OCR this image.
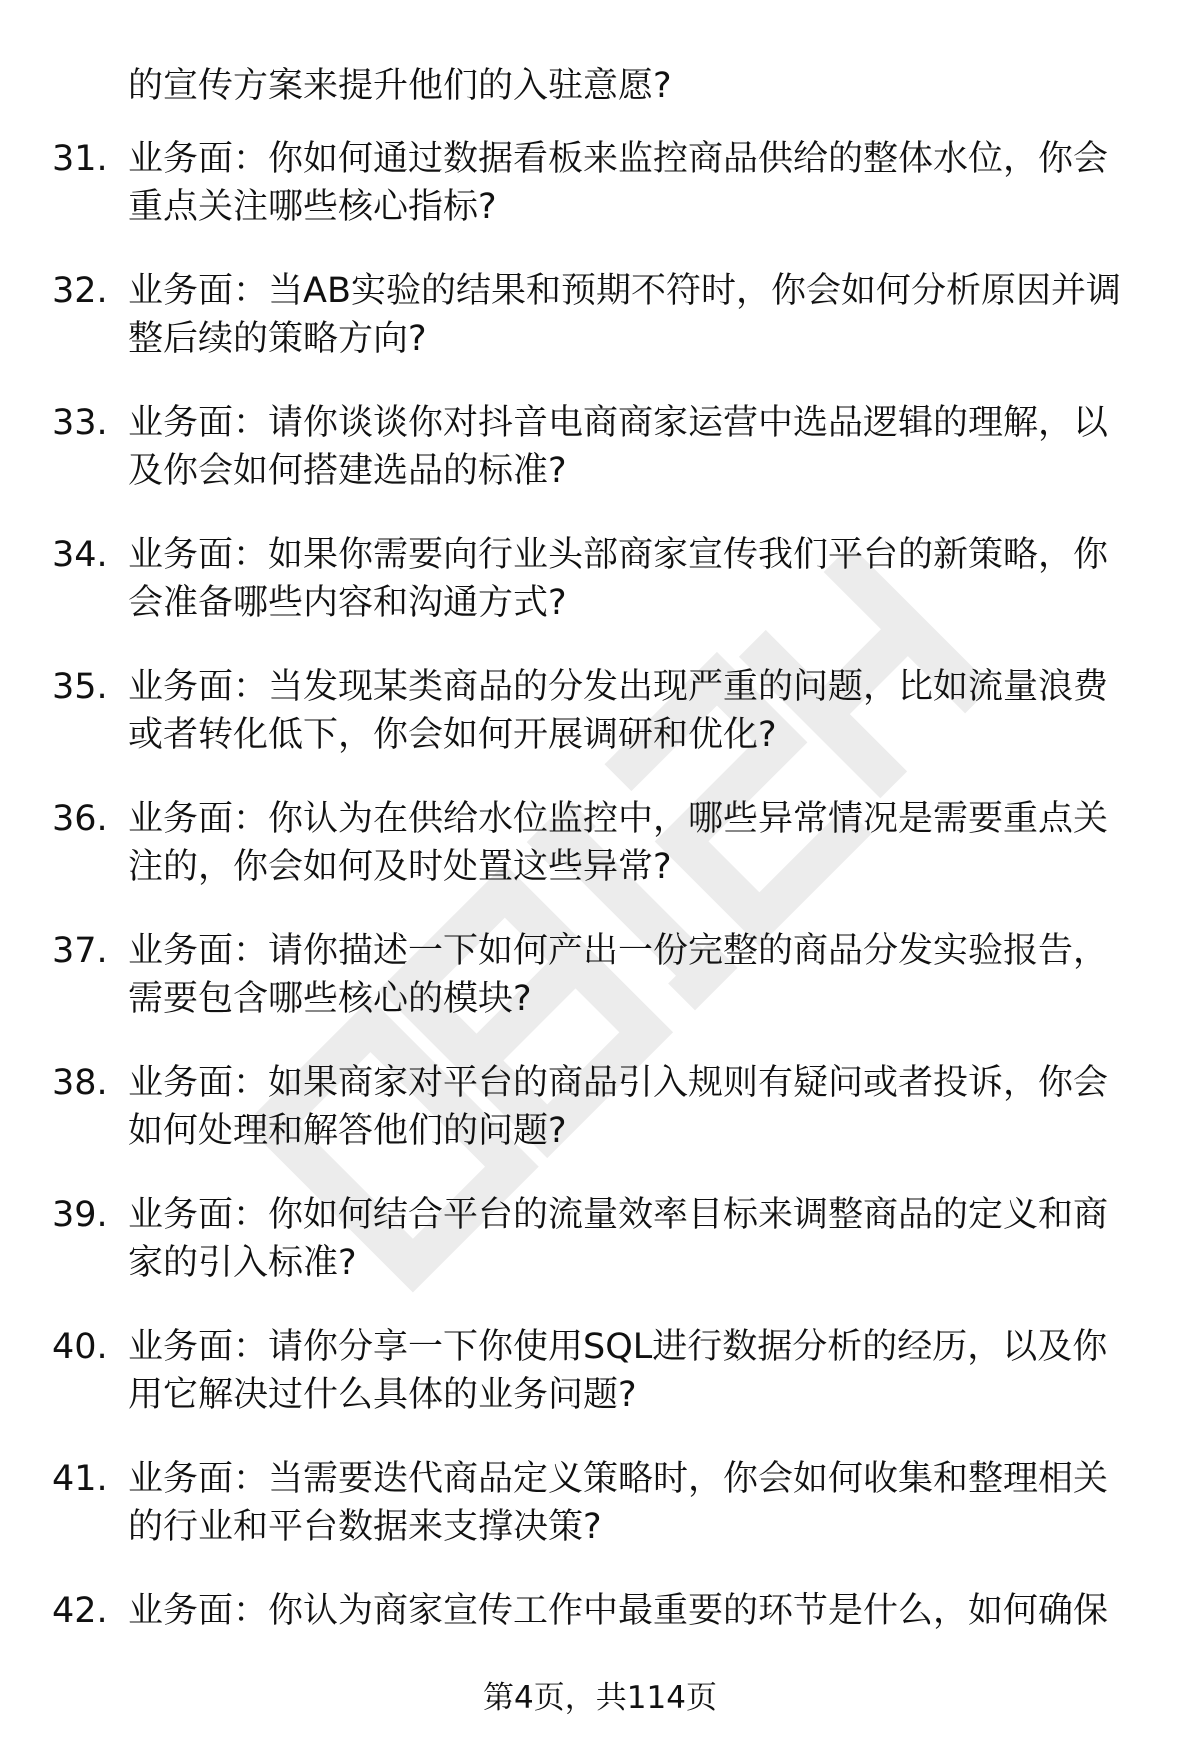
的宣传方案来提升他们的入驻意愿?
31. 业务面：你如何通过数据看板来监控商品供给的整体水位，你会
重点关注哪些核心指标?
32. 业务面：当AB实验的结果和预期不符时，你会如何分析原因并调
整后续的策略方向?
33. 业务面：请你谈谈你对抖音电商商家运营中选品逻辑的理解，以
及你会如何搭建选品的标准?
34. 业务面：如果你需要向行业头部商家宣传我们平台的新策略，你
会准备哪些内容和沟通方式?
35. 业务面：当发现某类商品的分发出现严重的问题，比如流量浪费
或者转化低下，你会如何开展调研和优化?
36. 业务面：你认为在供给水位监控中，哪些异常情况是需要重点关
注的，你会如何及时处置这些异常?
37. 业务面：请你描述一下如何产出一份完整的商品分发实验报告，
需要包含哪些核心的模块?
38. 业务面：如果商家对平台的商品引入规则有疑问或者投诉，你会
如何处理和解答他们的问题?
39. 业务面：你如何结合平台的流量效率目标来调整商品的定义和商
家的引入标准?
40. 业务面：请你分享一下你使用SQL进行数据分析的经历，以及你
用它解决过什么具体的业务问题?
41. 业务面：当需要迭代商品定义策略时，你会如何收集和整理相关
的行业和平台数据来支撑决策?
42. 业务面：你认为商家宣传工作中最重要的环节是什么，如何确保
第4页，共114页
